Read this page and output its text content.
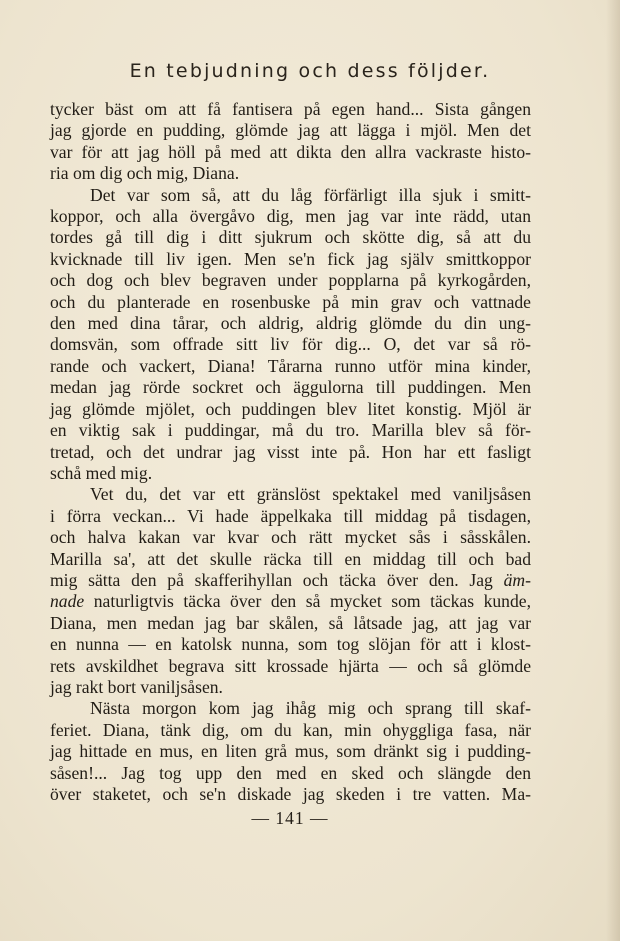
En tebjudning och dess följder.
tycker bäst om att få fantisera på egen hand... Sista gången
jag gjorde en pudding, glömde jag att lägga i mjöl. Men det
var för att jag höll på med att dikta den allra vackraste histo-
ria om dig och mig, Diana.
Det var som så, att du låg förfärligt illa sjuk i smitt-
koppor, och alla övergåvo dig, men jag var inte rädd, utan
tordes gå till dig i ditt sjukrum och skötte dig, så att du
kvicknade till liv igen. Men se'n fick jag själv smittkoppor
och dog och blev begraven under popplarna på kyrkogården,
och du planterade en rosenbuske på min grav och vattnade
den med dina tårar, och aldrig, aldrig glömde du din ung-
domsvän, som offrade sitt liv för dig... O, det var så rö-
rande och vackert, Diana! Tårarna runno utför mina kinder,
medan jag rörde sockret och äggulorna till puddingen. Men
jag glömde mjölet, och puddingen blev litet konstig. Mjöl är
en viktig sak i puddingar, må du tro. Marilla blev så för-
tretad, och det undrar jag visst inte på. Hon har ett fasligt
schå med mig.
Vet du, det var ett gränslöst spektakel med vaniljsåsen
i förra veckan... Vi hade äppelkaka till middag på tisdagen,
och halva kakan var kvar och rätt mycket sås i såsskålen.
Marilla sa', att det skulle räcka till en middag till och bad
mig sätta den på skafferihyllan och täcka över den. Jag äm-
nade naturligtvis täcka över den så mycket som täckas kunde,
Diana, men medan jag bar skålen, så låtsade jag, att jag var
en nunna — en katolsk nunna, som tog slöjan för att i klost-
rets avskildhet begrava sitt krossade hjärta — och så glömde
jag rakt bort vaniljsåsen.
Nästa morgon kom jag ihåg mig och sprang till skaf-
feriet. Diana, tänk dig, om du kan, min ohyggliga fasa, när
jag hittade en mus, en liten grå mus, som dränkt sig i pudding-
såsen!... Jag tog upp den med en sked och slängde den
över staketet, och se'n diskade jag skeden i tre vatten. Ma-
— 141 —
